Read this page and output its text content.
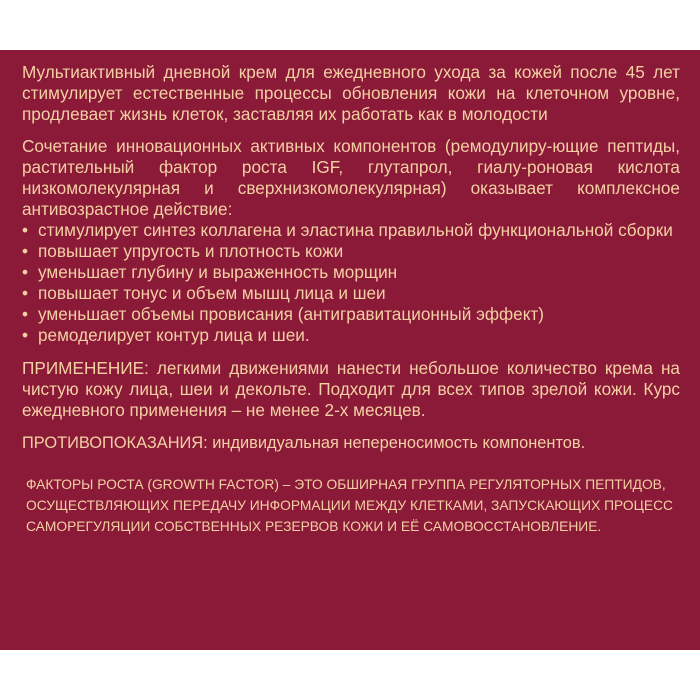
Мультиактивный дневной крем для ежедневного ухода за кожей после 45 лет стимулирует естественные процессы обновления кожи на клеточном уровне, продлевает жизнь клеток, заставляя их работать как в молодости

Сочетание инновационных активных компонентов (ремодулиру-ющие пептиды, растительный фактор роста IGF, глутапрол, гиалу-роновая кислота низкомолекулярная и сверхнизкомолекулярная) оказывает комплексное антивозрастное действие:

• стимулирует синтез коллагена и эластина правильной функциональной сборки
• повышает упругость и плотность кожи
• уменьшает глубину и выраженность морщин
• повышает тонус и объем мышц лица и шеи
• уменьшает объемы провисания (антигравитационный эффект)
• ремоделирует контур лица и шеи.

ПРИМЕНЕНИЕ: легкими движениями нанести небольшое количество крема на чистую кожу лица, шеи и декольте. Подходит для всех типов зрелой кожи. Курс ежедневного применения – не менее 2-х месяцев.

ПРОТИВОПОКАЗАНИЯ: индивидуальная непереносимость компонентов.

ФАКТОРЫ РОСТА (GROWTH FACTOR) – ЭТО ОБШИРНАЯ ГРУППА РЕГУЛЯТОРНЫХ ПЕПТИДОВ, ОСУЩЕСТВЛЯЮЩИХ ПЕРЕДАЧУ ИНФОРМАЦИИ МЕЖДУ КЛЕТКАМИ, ЗАПУСКАЮЩИХ ПРОЦЕСС САМОРЕГУЛЯЦИИ СОБСТВЕННЫХ РЕЗЕРВОВ КОЖИ И ЕЁ САМОВОССТАНОВЛЕНИЕ.
